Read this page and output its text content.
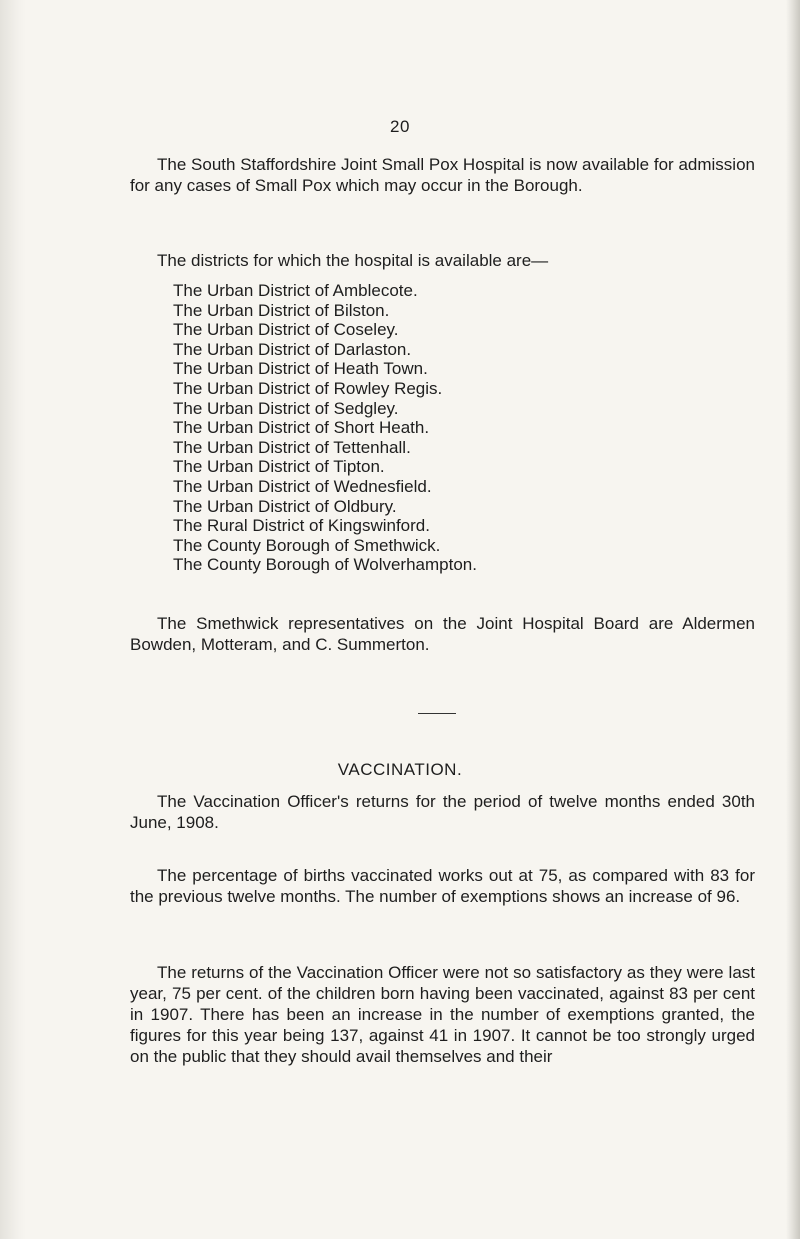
20

The South Staffordshire Joint Small Pox Hospital is now available for admission for any cases of Small Pox which may occur in the Borough.

The districts for which the hospital is available are—

The Urban District of Amblecote.
The Urban District of Bilston.
The Urban District of Coseley.
The Urban District of Darlaston.
The Urban District of Heath Town.
The Urban District of Rowley Regis.
The Urban District of Sedgley.
The Urban District of Short Heath.
The Urban District of Tettenhall.
The Urban District of Tipton.
The Urban District of Wednesfield.
The Urban District of Oldbury.
The Rural District of Kingswinford.
The County Borough of Smethwick.
The County Borough of Wolverhampton.

The Smethwick representatives on the Joint Hospital Board are Aldermen Bowden, Motteram, and C. Summerton.

VACCINATION.

The Vaccination Officer's returns for the period of twelve months ended 30th June, 1908.

The percentage of births vaccinated works out at 75, as compared with 83 for the previous twelve months. The number of exemptions shows an increase of 96.

The returns of the Vaccination Officer were not so satisfactory as they were last year, 75 per cent. of the children born having been vaccinated, against 83 per cent in 1907. There has been an increase in the number of exemptions granted, the figures for this year being 137, against 41 in 1907. It cannot be too strongly urged on the public that they should avail themselves and their
